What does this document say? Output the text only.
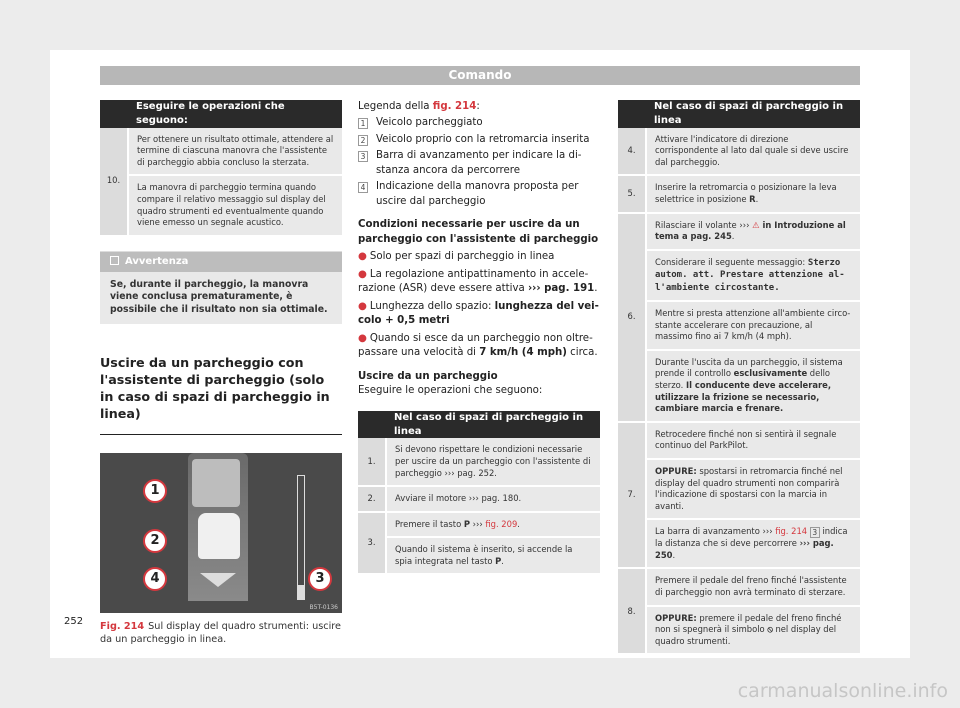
Comando
	Eseguire le operazioni che seguono:
10.	Per ottenere un risultato ottimale, attendere al termine di ciascuna manovra che l'assistente di parcheggio abbia concluso la sterzata.
	La manovra di parcheggio termina quando compare il relativo messaggio sul display del quadro strumenti ed eventualmente quando viene emesso un segnale acustico.
Avvertenza
Se, durante il parcheggio, la manovra viene conclusa prematuramente, è possibile che il risultato non sia ottimale.
Uscire da un parcheggio con l'assistente di parcheggio (solo in caso di spazi di parcheggio in linea)
1
2
4	3
B5T-0136
Fig. 214 Sul display del quadro strumenti: uscire da un parcheggio in linea.
Legenda della fig. 214:
1 Veicolo parcheggiato
2 Veicolo proprio con la retromarcia inserita
3 Barra di avanzamento per indicare la distanza ancora da percorrere
4 Indicazione della manovra proposta per uscire dal parcheggio
Condizioni necessarie per uscire da un parcheggio con l'assistente di parcheggio
● Solo per spazi di parcheggio in linea
● La regolazione antipattinamento in accelerazione (ASR) deve essere attiva ››› pag. 191.
● Lunghezza dello spazio: lunghezza del veicolo + 0,5 metri
● Quando si esce da un parcheggio non oltrepassare una velocità di 7 km/h (4 mph) circa.
Uscire da un parcheggio
Eseguire le operazioni che seguono:
	Nel caso di spazi di parcheggio in linea
1.	Si devono rispettare le condizioni necessarie per uscire da un parcheggio con l'assistente di parcheggio ››› pag. 252.
2.	Avviare il motore ››› pag. 180.
3.	Premere il tasto P ››› fig. 209.
	Quando il sistema è inserito, si accende la spia integrata nel tasto P.
	Nel caso di spazi di parcheggio in linea
4.	Attivare l'indicatore di direzione corrispondente al lato dal quale si deve uscire dal parcheggio.
5.	Inserire la retromarcia o posizionare la leva selettrice in posizione R.
6.	Rilasciare il volante ››› ⚠ in Introduzione al tema a pag. 245.
	Considerare il seguente messaggio: Sterzo autom. att. Prestare attenzione all'ambiente circostante.
	Mentre si presta attenzione all'ambiente circostante accelerare con precauzione, al massimo fino ai 7 km/h (4 mph).
	Durante l'uscita da un parcheggio, il sistema prende il controllo esclusivamente dello sterzo. Il conducente deve accelerare, utilizzare la frizione se necessario, cambiare marcia e frenare.
7.	Retrocedere finché non si sentirà il segnale continuo del ParkPilot.
	OPPURE: spostarsi in retromarcia finché nel display del quadro strumenti non comparirà l'indicazione di spostarsi con la marcia in avanti.
	La barra di avanzamento ››› fig. 214 3 indica la distanza che si deve percorrere ››› pag. 250.
8.	Premere il pedale del freno finché l'assistente di parcheggio non avrà terminato di sterzare.
	OPPURE: premere il pedale del freno finché non si spegnerà il simbolo ⦸ nel display del quadro strumenti.
252
carmanualsonline.info
